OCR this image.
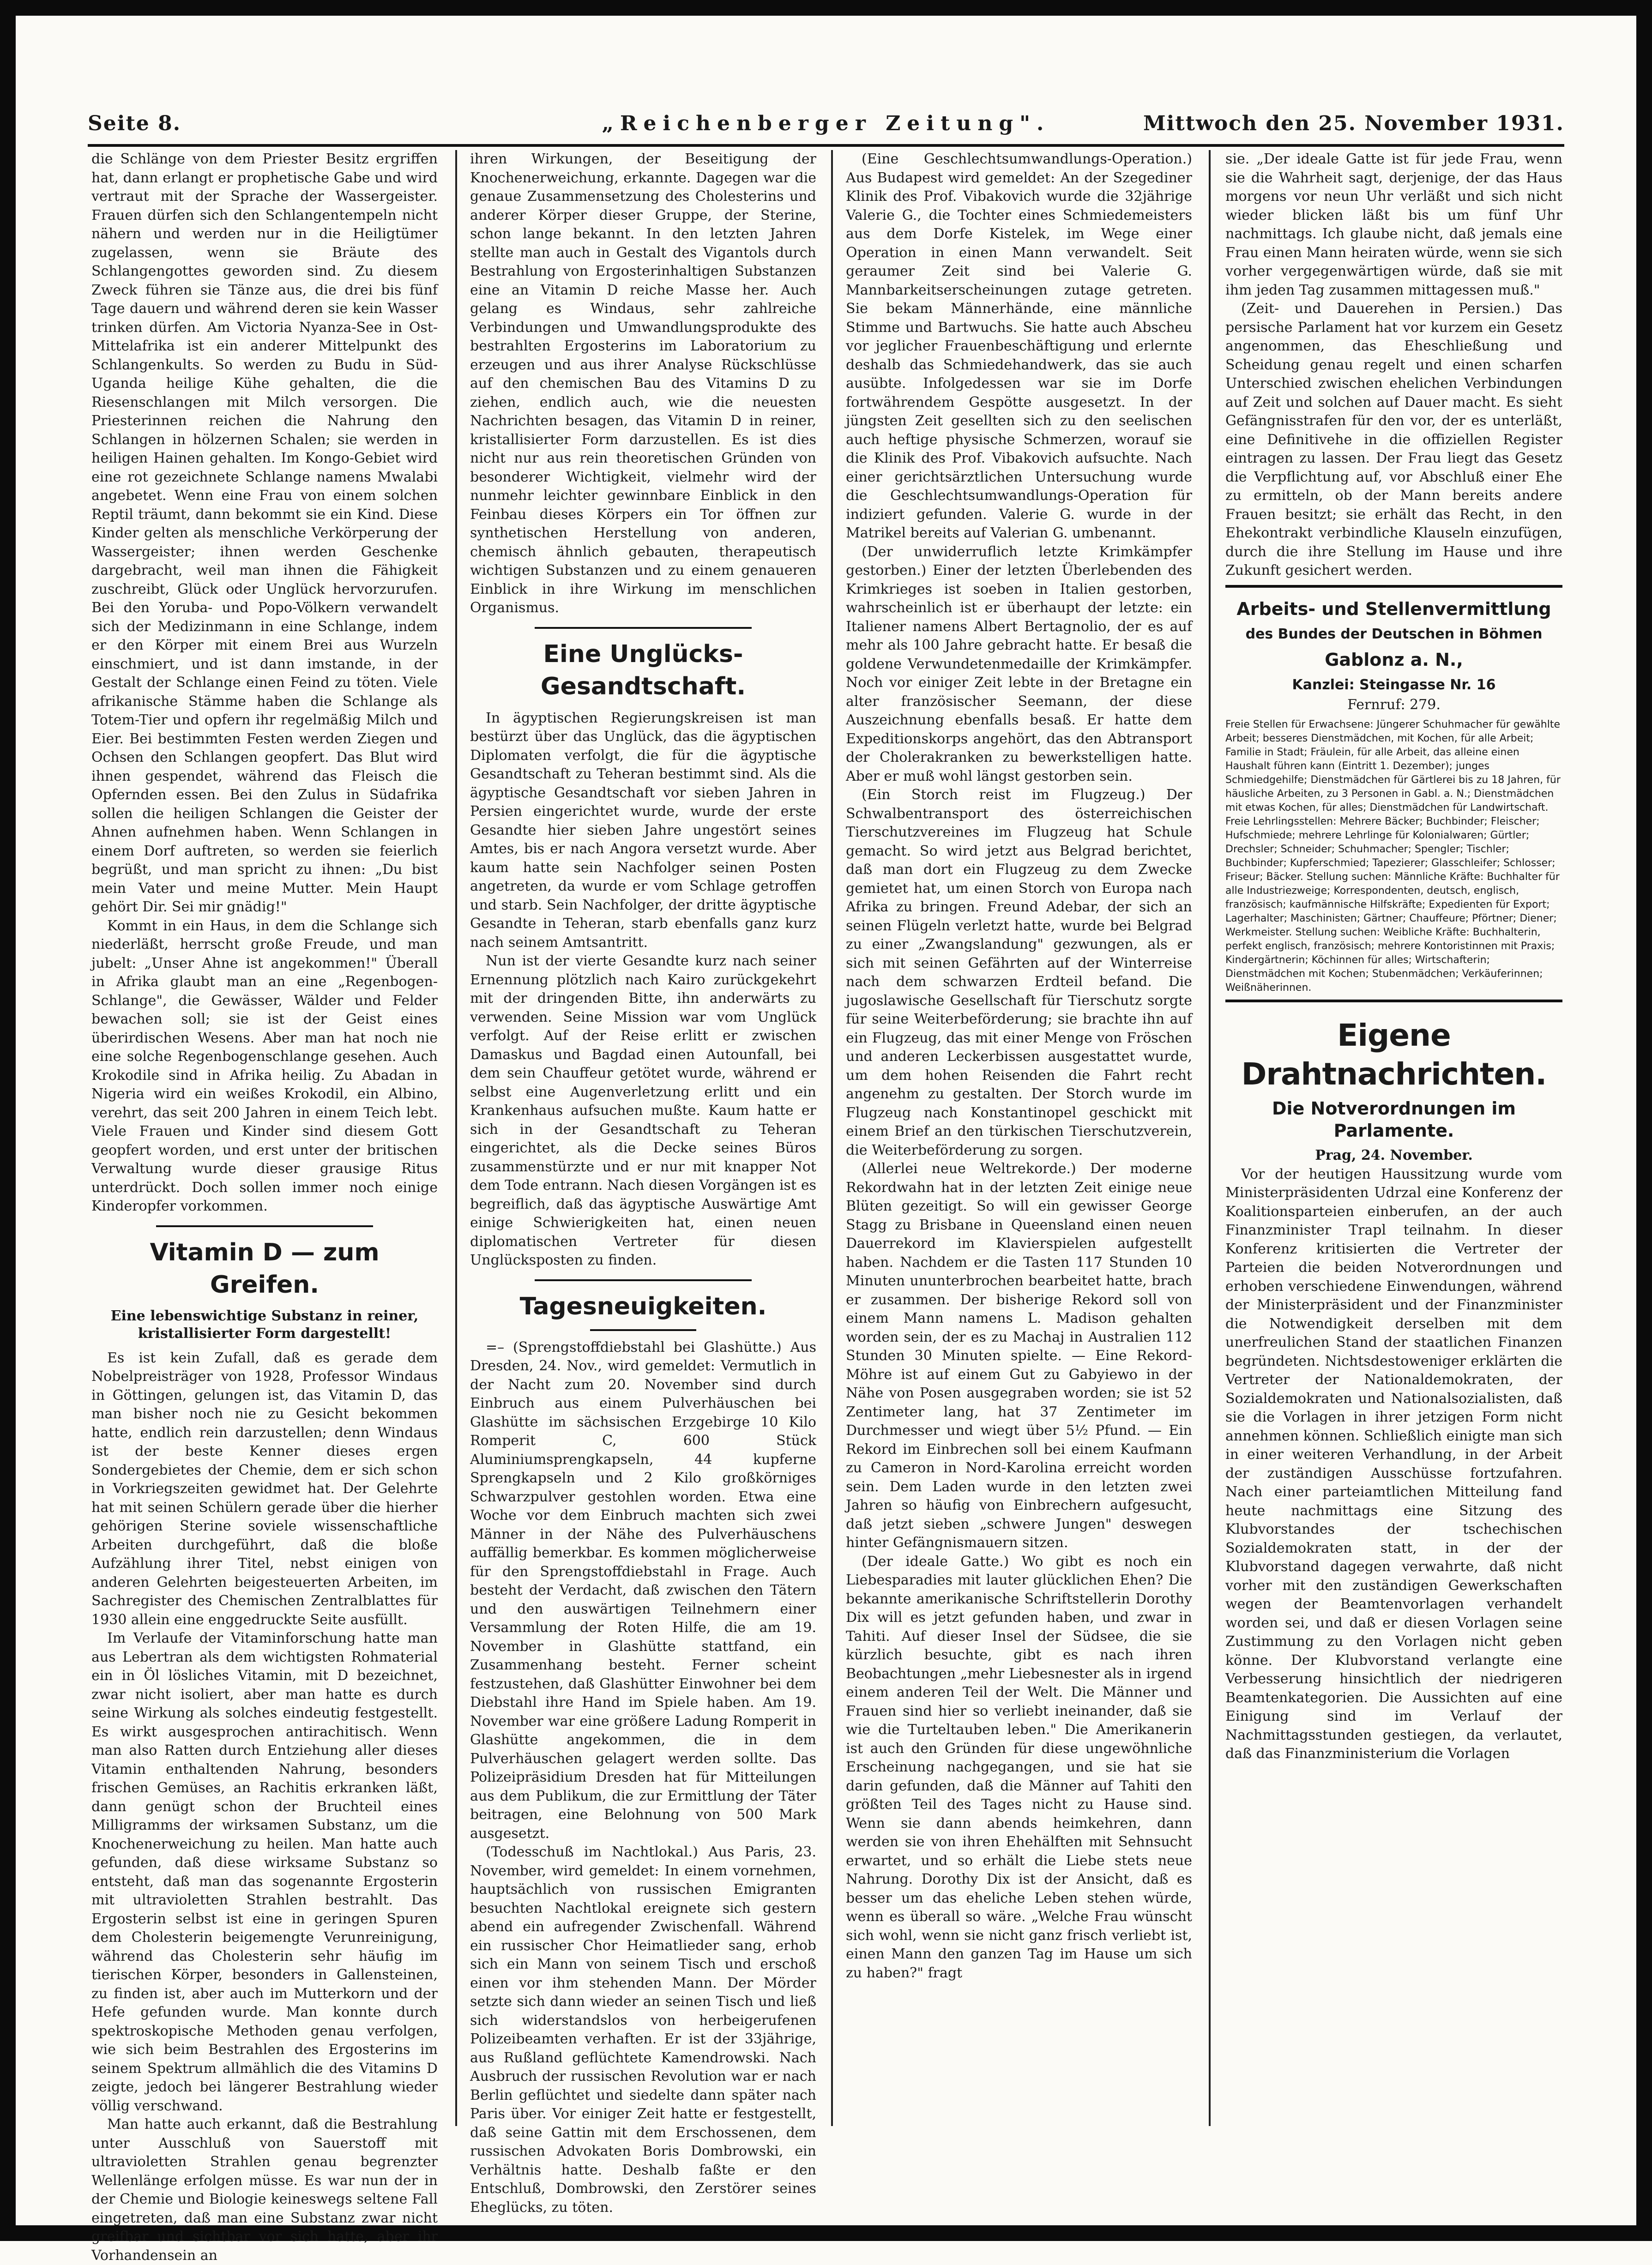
Seite 8.	„Reichenberger Zeitung".	Mittwoch den 25. November 1931.

die Schlänge von dem Priester Besitz ergriffen hat, dann erlangt er prophetische Gabe und wird vertraut mit der Sprache der Wassergeister. Frauen dürfen sich den Schlangentempeln nicht nähern und werden nur in die Heiligtümer zugelassen, wenn sie Bräute des Schlangengottes geworden sind. Zu diesem Zweck führen sie Tänze aus, die drei bis fünf Tage dauern und während deren sie kein Wasser trinken dürfen. Am Victoria Nyanza-See in Ost-Mittelafrika ist ein anderer Mittelpunkt des Schlangenkults. So werden zu Budu in Süd-Uganda heilige Kühe gehalten, die die Riesenschlangen mit Milch versorgen. Die Priesterinnen reichen die Nahrung den Schlangen in hölzernen Schalen; sie werden in heiligen Hainen gehalten. Im Kongo-Gebiet wird eine rot gezeichnete Schlange namens Mwalabi angebetet. Wenn eine Frau von einem solchen Reptil träumt, dann bekommt sie ein Kind. Diese Kinder gelten als menschliche Verkörperung der Wassergeister; ihnen werden Geschenke dargebracht, weil man ihnen die Fähigkeit zuschreibt, Glück oder Unglück hervorzurufen. Bei den Yoruba- und Popo-Völkern verwandelt sich der Medizinmann in eine Schlange, indem er den Körper mit einem Brei aus Wurzeln einschmiert, und ist dann imstande, in der Gestalt der Schlange einen Feind zu töten. Viele afrikanische Stämme haben die Schlange als Totem-Tier und opfern ihr regelmäßig Milch und Eier. Bei bestimmten Festen werden Ziegen und Ochsen den Schlangen geopfert. Das Blut wird ihnen gespendet, während das Fleisch die Opfernden essen. Bei den Zulus in Südafrika sollen die heiligen Schlangen die Geister der Ahnen aufnehmen haben. Wenn Schlangen in einem Dorf auftreten, so werden sie feierlich begrüßt, und man spricht zu ihnen: „Du bist mein Vater und meine Mutter. Mein Haupt gehört Dir. Sei mir gnädig!"

Kommt in ein Haus, in dem die Schlange sich niederläßt, herrscht große Freude, und man jubelt: „Unser Ahne ist angekommen!" Überall in Afrika glaubt man an eine „Regenbogen-Schlange", die Gewässer, Wälder und Felder bewachen soll; sie ist der Geist eines überirdischen Wesens. Aber man hat noch nie eine solche Regenbogenschlange gesehen. Auch Krokodile sind in Afrika heilig. Zu Abadan in Nigeria wird ein weißes Krokodil, ein Albino, verehrt, das seit 200 Jahren in einem Teich lebt. Viele Frauen und Kinder sind diesem Gott geopfert worden, und erst unter der britischen Verwaltung wurde dieser grausige Ritus unterdrückt. Doch sollen immer noch einige Kinderopfer vorkommen.

Vitamin D — zum Greifen.
Eine lebenswichtige Substanz in reiner, kristallisierter Form dargestellt!

Es ist kein Zufall, daß es gerade dem Nobelpreisträger von 1928, Professor Windaus in Göttingen, gelungen ist, das Vitamin D, das man bisher noch nie zu Gesicht bekommen hatte, endlich rein darzustellen; denn Windaus ist der beste Kenner dieses ergen Sondergebietes der Chemie, dem er sich schon in Vorkriegszeiten gewidmet hat. Der Gelehrte hat mit seinen Schülern gerade über die hierher gehörigen Sterine soviele wissenschaftliche Arbeiten durchgeführt, daß die bloße Aufzählung ihrer Titel, nebst einigen von anderen Gelehrten beigesteuerten Arbeiten, im Sachregister des Chemischen Zentralblattes für 1930 allein eine enggedruckte Seite ausfüllt.

Im Verlaufe der Vitaminforschung hatte man aus Lebertran als dem wichtigsten Rohmaterial ein in Öl lösliches Vitamin, mit D bezeichnet, zwar nicht isoliert, aber man hatte es durch seine Wirkung als solches eindeutig festgestellt. Es wirkt ausgesprochen antirachitisch. Wenn man also Ratten durch Entziehung aller dieses Vitamin enthaltenden Nahrung, besonders frischen Gemüses, an Rachitis erkranken läßt, dann genügt schon der Bruchteil eines Milligramms der wirksamen Substanz, um die Knochenerweichung zu heilen. Man hatte auch gefunden, daß diese wirksame Substanz so entsteht, daß man das sogenannte Ergosterin mit ultravioletten Strahlen bestrahlt. Das Ergosterin selbst ist eine in geringen Spuren dem Cholesterin beigemengte Verunreinigung, während das Cholesterin sehr häufig im tierischen Körper, besonders in Gallensteinen, zu finden ist, aber auch im Mutterkorn und der Hefe gefunden wurde. Man konnte durch spektroskopische Methoden genau verfolgen, wie sich beim Bestrahlen des Ergosterins im seinem Spektrum allmählich die des Vitamins D zeigte, jedoch bei längerer Bestrahlung wieder völlig verschwand.

Man hatte auch erkannt, daß die Bestrahlung unter Ausschluß von Sauerstoff mit ultravioletten Strahlen genau begrenzter Wellenlänge erfolgen müsse. Es war nun der in der Chemie und Biologie keineswegs seltene Fall eingetreten, daß man eine Substanz zwar nicht greifbar und sichtbar vor sich hatte, aber ihr Vorhandensein an

ihren Wirkungen, der Beseitigung der Knochenerweichung, erkannte. Dagegen war die genaue Zusammensetzung des Cholesterins und anderer Körper dieser Gruppe, der Sterine, schon lange bekannt. In den letzten Jahren stellte man auch in Gestalt des Vigantols durch Bestrahlung von Ergosterinhaltigen Substanzen eine an Vitamin D reiche Masse her. Auch gelang es Windaus, sehr zahlreiche Verbindungen und Umwandlungsprodukte des bestrahlten Ergosterins im Laboratorium zu erzeugen und aus ihrer Analyse Rückschlüsse auf den chemischen Bau des Vitamins D zu ziehen, endlich auch, wie die neuesten Nachrichten besagen, das Vitamin D in reiner, kristallisierter Form darzustellen. Es ist dies nicht nur aus rein theoretischen Gründen von besonderer Wichtigkeit, vielmehr wird der nunmehr leichter gewinnbare Einblick in den Feinbau dieses Körpers ein Tor öffnen zur synthetischen Herstellung von anderen, chemisch ähnlich gebauten, therapeutisch wichtigen Substanzen und zu einem genaueren Einblick in ihre Wirkung im menschlichen Organismus.

Eine Unglücks-Gesandtschaft.

In ägyptischen Regierungskreisen ist man bestürzt über das Unglück, das die ägyptischen Diplomaten verfolgt, die für die ägyptische Gesandtschaft zu Teheran bestimmt sind. Als die ägyptische Gesandtschaft vor sieben Jahren in Persien eingerichtet wurde, wurde der erste Gesandte hier sieben Jahre ungestört seines Amtes, bis er nach Angora versetzt wurde. Aber kaum hatte sein Nachfolger seinen Posten angetreten, da wurde er vom Schlage getroffen und starb. Sein Nachfolger, der dritte ägyptische Gesandte in Teheran, starb ebenfalls ganz kurz nach seinem Amtsantritt.

Nun ist der vierte Gesandte kurz nach seiner Ernennung plötzlich nach Kairo zurückgekehrt mit der dringenden Bitte, ihn anderwärts zu verwenden. Seine Mission war vom Unglück verfolgt. Auf der Reise erlitt er zwischen Damaskus und Bagdad einen Autounfall, bei dem sein Chauffeur getötet wurde, während er selbst eine Augenverletzung erlitt und ein Krankenhaus aufsuchen mußte. Kaum hatte er sich in der Gesandtschaft zu Teheran eingerichtet, als die Decke seines Büros zusammenstürzte und er nur mit knapper Not dem Tode entrann. Nach diesen Vorgängen ist es begreiflich, daß das ägyptische Auswärtige Amt einige Schwierigkeiten hat, einen neuen diplomatischen Vertreter für diesen Unglücksposten zu finden.

Tagesneuigkeiten.

=– (Sprengstoffdiebstahl bei Glashütte.) Aus Dresden, 24. Nov., wird gemeldet: Vermutlich in der Nacht zum 20. November sind durch Einbruch aus einem Pulverhäuschen bei Glashütte im sächsischen Erzgebirge 10 Kilo Romperit C, 600 Stück Aluminiumsprengkapseln, 44 kupferne Sprengkapseln und 2 Kilo großkörniges Schwarzpulver gestohlen worden. Etwa eine Woche vor dem Einbruch machten sich zwei Männer in der Nähe des Pulverhäuschens auffällig bemerkbar. Es kommen möglicherweise für den Sprengstoffdiebstahl in Frage. Auch besteht der Verdacht, daß zwischen den Tätern und den auswärtigen Teilnehmern einer Versammlung der Roten Hilfe, die am 19. November in Glashütte stattfand, ein Zusammenhang besteht. Ferner scheint festzustehen, daß Glashütter Einwohner bei dem Diebstahl ihre Hand im Spiele haben. Am 19. November war eine größere Ladung Romperit in Glashütte angekommen, die in dem Pulverhäuschen gelagert werden sollte. Das Polizeipräsidium Dresden hat für Mitteilungen aus dem Publikum, die zur Ermittlung der Täter beitragen, eine Belohnung von 500 Mark ausgesetzt.

(Todesschuß im Nachtlokal.) Aus Paris, 23. November, wird gemeldet: In einem vornehmen, hauptsächlich von russischen Emigranten besuchten Nachtlokal ereignete sich gestern abend ein aufregender Zwischenfall. Während ein russischer Chor Heimatlieder sang, erhob sich ein Mann von seinem Tisch und erschoß einen vor ihm stehenden Mann. Der Mörder setzte sich dann wieder an seinen Tisch und ließ sich widerstandslos von herbeigerufenen Polizeibeamten verhaften. Er ist der 33jährige, aus Rußland geflüchtete Kamendrowski. Nach Ausbruch der russischen Revolution war er nach Berlin geflüchtet und siedelte dann später nach Paris über. Vor einiger Zeit hatte er festgestellt, daß seine Gattin mit dem Erschossenen, dem russischen Advokaten Boris Dombrowski, ein Verhältnis hatte. Deshalb faßte er den Entschluß, Dombrowski, den Zerstörer seines Eheglücks, zu töten.

(Eine Geschlechtsumwandlungs-Operation.) Aus Budapest wird gemeldet: An der Szegediner Klinik des Prof. Vibakovich wurde die 32jährige Valerie G., die Tochter eines Schmiedemeisters aus dem Dorfe Kistelek, im Wege einer Operation in einen Mann verwandelt. Seit geraumer Zeit sind bei Valerie G. Mannbarkeitserscheinungen zutage getreten. Sie bekam Männerhände, eine männliche Stimme und Bartwuchs. Sie hatte auch Abscheu vor jeglicher Frauenbeschäftigung und erlernte deshalb das Schmiedehandwerk, das sie auch ausübte. Infolgedessen war sie im Dorfe fortwährendem Gespötte ausgesetzt. In der jüngsten Zeit gesellten sich zu den seelischen auch heftige physische Schmerzen, worauf sie die Klinik des Prof. Vibakovich aufsuchte. Nach einer gerichtsärztlichen Untersuchung wurde die Geschlechtsumwandlungs-Operation für indiziert gefunden. Valerie G. wurde in der Matrikel bereits auf Valerian G. umbenannt.

(Der unwiderruflich letzte Krimkämpfer gestorben.) Einer der letzten Überlebenden des Krimkrieges ist soeben in Italien gestorben, wahrscheinlich ist er überhaupt der letzte: ein Italiener namens Albert Bertagnolio, der es auf mehr als 100 Jahre gebracht hatte. Er besaß die goldene Verwundetenmedaille der Krimkämpfer. Noch vor einiger Zeit lebte in der Bretagne ein alter französischer Seemann, der diese Auszeichnung ebenfalls besaß. Er hatte dem Expeditionskorps angehört, das den Abtransport der Cholerakranken zu bewerkstelligen hatte. Aber er muß wohl längst gestorben sein.

(Ein Storch reist im Flugzeug.) Der Schwalbentransport des österreichischen Tierschutzvereines im Flugzeug hat Schule gemacht. So wird jetzt aus Belgrad berichtet, daß man dort ein Flugzeug zu dem Zwecke gemietet hat, um einen Storch von Europa nach Afrika zu bringen. Freund Adebar, der sich an seinen Flügeln verletzt hatte, wurde bei Belgrad zu einer „Zwangslandung" gezwungen, als er sich mit seinen Gefährten auf der Winterreise nach dem schwarzen Erdteil befand. Die jugoslawische Gesellschaft für Tierschutz sorgte für seine Weiterbeförderung; sie brachte ihn auf ein Flugzeug, das mit einer Menge von Fröschen und anderen Leckerbissen ausgestattet wurde, um dem hohen Reisenden die Fahrt recht angenehm zu gestalten. Der Storch wurde im Flugzeug nach Konstantinopel geschickt mit einem Brief an den türkischen Tierschutzverein, die Weiterbeförderung zu sorgen.

(Allerlei neue Weltrekorde.) Der moderne Rekordwahn hat in der letzten Zeit einige neue Blüten gezeitigt. So will ein gewisser George Stagg zu Brisbane in Queensland einen neuen Dauerrekord im Klavierspielen aufgestellt haben. Nachdem er die Tasten 117 Stunden 10 Minuten ununterbrochen bearbeitet hatte, brach er zusammen. Der bisherige Rekord soll von einem Mann namens L. Madison gehalten worden sein, der es zu Machaj in Australien 112 Stunden 30 Minuten spielte. — Eine Rekord-Möhre ist auf einem Gut zu Gabyiewo in der Nähe von Posen ausgegraben worden; sie ist 52 Zentimeter lang, hat 37 Zentimeter im Durchmesser und wiegt über 5½ Pfund. — Ein Rekord im Einbrechen soll bei einem Kaufmann zu Cameron in Nord-Karolina erreicht worden sein. Dem Laden wurde in den letzten zwei Jahren so häufig von Einbrechern aufgesucht, daß jetzt sieben „schwere Jungen" deswegen hinter Gefängnismauern sitzen.

(Der ideale Gatte.) Wo gibt es noch ein Liebesparadies mit lauter glücklichen Ehen? Die bekannte amerikanische Schriftstellerin Dorothy Dix will es jetzt gefunden haben, und zwar in Tahiti. Auf dieser Insel der Südsee, die sie kürzlich besuchte, gibt es nach ihren Beobachtungen „mehr Liebesnester als in irgend einem anderen Teil der Welt. Die Männer und Frauen sind hier so verliebt ineinander, daß sie wie die Turteltauben leben." Die Amerikanerin ist auch den Gründen für diese ungewöhnliche Erscheinung nachgegangen, und sie hat sie darin gefunden, daß die Männer auf Tahiti den größten Teil des Tages nicht zu Hause sind. Wenn sie dann abends heimkehren, dann werden sie von ihren Ehehälften mit Sehnsucht erwartet, und so erhält die Liebe stets neue Nahrung. Dorothy Dix ist der Ansicht, daß es besser um das eheliche Leben stehen würde, wenn es überall so wäre. „Welche Frau wünscht sich wohl, wenn sie nicht ganz frisch verliebt ist, einen Mann den ganzen Tag im Hause um sich zu haben?" fragt

sie. „Der ideale Gatte ist für jede Frau, wenn sie die Wahrheit sagt, derjenige, der das Haus morgens vor neun Uhr verläßt und sich nicht wieder blicken läßt bis um fünf Uhr nachmittags. Ich glaube nicht, daß jemals eine Frau einen Mann heiraten würde, wenn sie sich vorher vergegenwärtigen würde, daß sie mit ihm jeden Tag zusammen mittagessen muß."

(Zeit- und Dauerehen in Persien.) Das persische Parlament hat vor kurzem ein Gesetz angenommen, das Eheschließung und Scheidung genau regelt und einen scharfen Unterschied zwischen ehelichen Verbindungen auf Zeit und solchen auf Dauer macht. Es sieht Gefängnisstrafen für den vor, der es unterläßt, eine Definitivehe in die offiziellen Register eintragen zu lassen. Der Frau liegt das Gesetz die Verpflichtung auf, vor Abschluß einer Ehe zu ermitteln, ob der Mann bereits andere Frauen besitzt; sie erhält das Recht, in den Ehekontrakt verbindliche Klauseln einzufügen, durch die ihre Stellung im Hause und ihre Zukunft gesichert werden.

Arbeits- und Stellenvermittlung
des Bundes der Deutschen in Böhmen
Gablonz a. N.,
Kanzlei: Steingasse Nr. 16
Fernruf: 279.
Freie Stellen für Erwachsene: Jüngerer Schuhmacher für gewählte Arbeit; besseres Dienstmädchen, mit Kochen, für alle Arbeit; Familie in Stadt; Fräulein, für alle Arbeit, das alleine einen Haushalt führen kann (Eintritt 1. Dezember); junges Schmiedgehilfe; Dienstmädchen für Gärtlerei bis zu 18 Jahren, für häusliche Arbeiten, zu 3 Personen in Gabl. a. N.; Dienstmädchen mit etwas Kochen, für alles; Dienstmädchen für Landwirtschaft. Freie Lehrlingsstellen: Mehrere Bäcker; Buchbinder; Fleischer; Hufschmiede; mehrere Lehrlinge für Kolonialwaren; Gürtler; Drechsler; Schneider; Schuhmacher; Spengler; Tischler; Buchbinder; Kupferschmied; Tapezierer; Glasschleifer; Schlosser; Friseur; Bäcker. Stellung suchen: Männliche Kräfte: Buchhalter für alle Industriezweige; Korrespondenten, deutsch, englisch, französisch; kaufmännische Hilfskräfte; Expedienten für Export; Lagerhalter; Maschinisten; Gärtner; Chauffeure; Pförtner; Diener; Werkmeister. Stellung suchen: Weibliche Kräfte: Buchhalterin, perfekt englisch, französisch; mehrere Kontoristinnen mit Praxis; Kindergärtnerin; Köchinnen für alles; Wirtschafterin; Dienstmädchen mit Kochen; Stubenmädchen; Verkäuferinnen; Weißnäherinnen.
Eigene Drahtnachrichten.
Die Notverordnungen im Parlamente.
Prag, 24. November.

Vor der heutigen Haussitzung wurde vom Ministerpräsidenten Udrzal eine Konferenz der Koalitionsparteien einberufen, an der auch Finanzminister Trapl teilnahm. In dieser Konferenz kritisierten die Vertreter der Parteien die beiden Notverordnungen und erhoben verschiedene Einwendungen, während der Ministerpräsident und der Finanzminister die Notwendigkeit derselben mit dem unerfreulichen Stand der staatlichen Finanzen begründeten. Nichtsdestoweniger erklärten die Vertreter der Nationaldemokraten, der Sozialdemokraten und Nationalsozialisten, daß sie die Vorlagen in ihrer jetzigen Form nicht annehmen können. Schließlich einigte man sich in einer weiteren Verhandlung, in der Arbeit der zuständigen Ausschüsse fortzufahren. Nach einer parteiamtlichen Mitteilung fand heute nachmittags eine Sitzung des Klubvorstandes der tschechischen Sozialdemokraten statt, in der der Klubvorstand dagegen verwahrte, daß nicht vorher mit den zuständigen Gewerkschaften wegen der Beamtenvorlagen verhandelt worden sei, und daß er diesen Vorlagen seine Zustimmung zu den Vorlagen nicht geben könne. Der Klubvorstand verlangte eine Verbesserung hinsichtlich der niedrigeren Beamtenkategorien. Die Aussichten auf eine Einigung sind im Verlauf der Nachmittagsstunden gestiegen, da verlautet, daß das Finanzministerium die Vorlagen
